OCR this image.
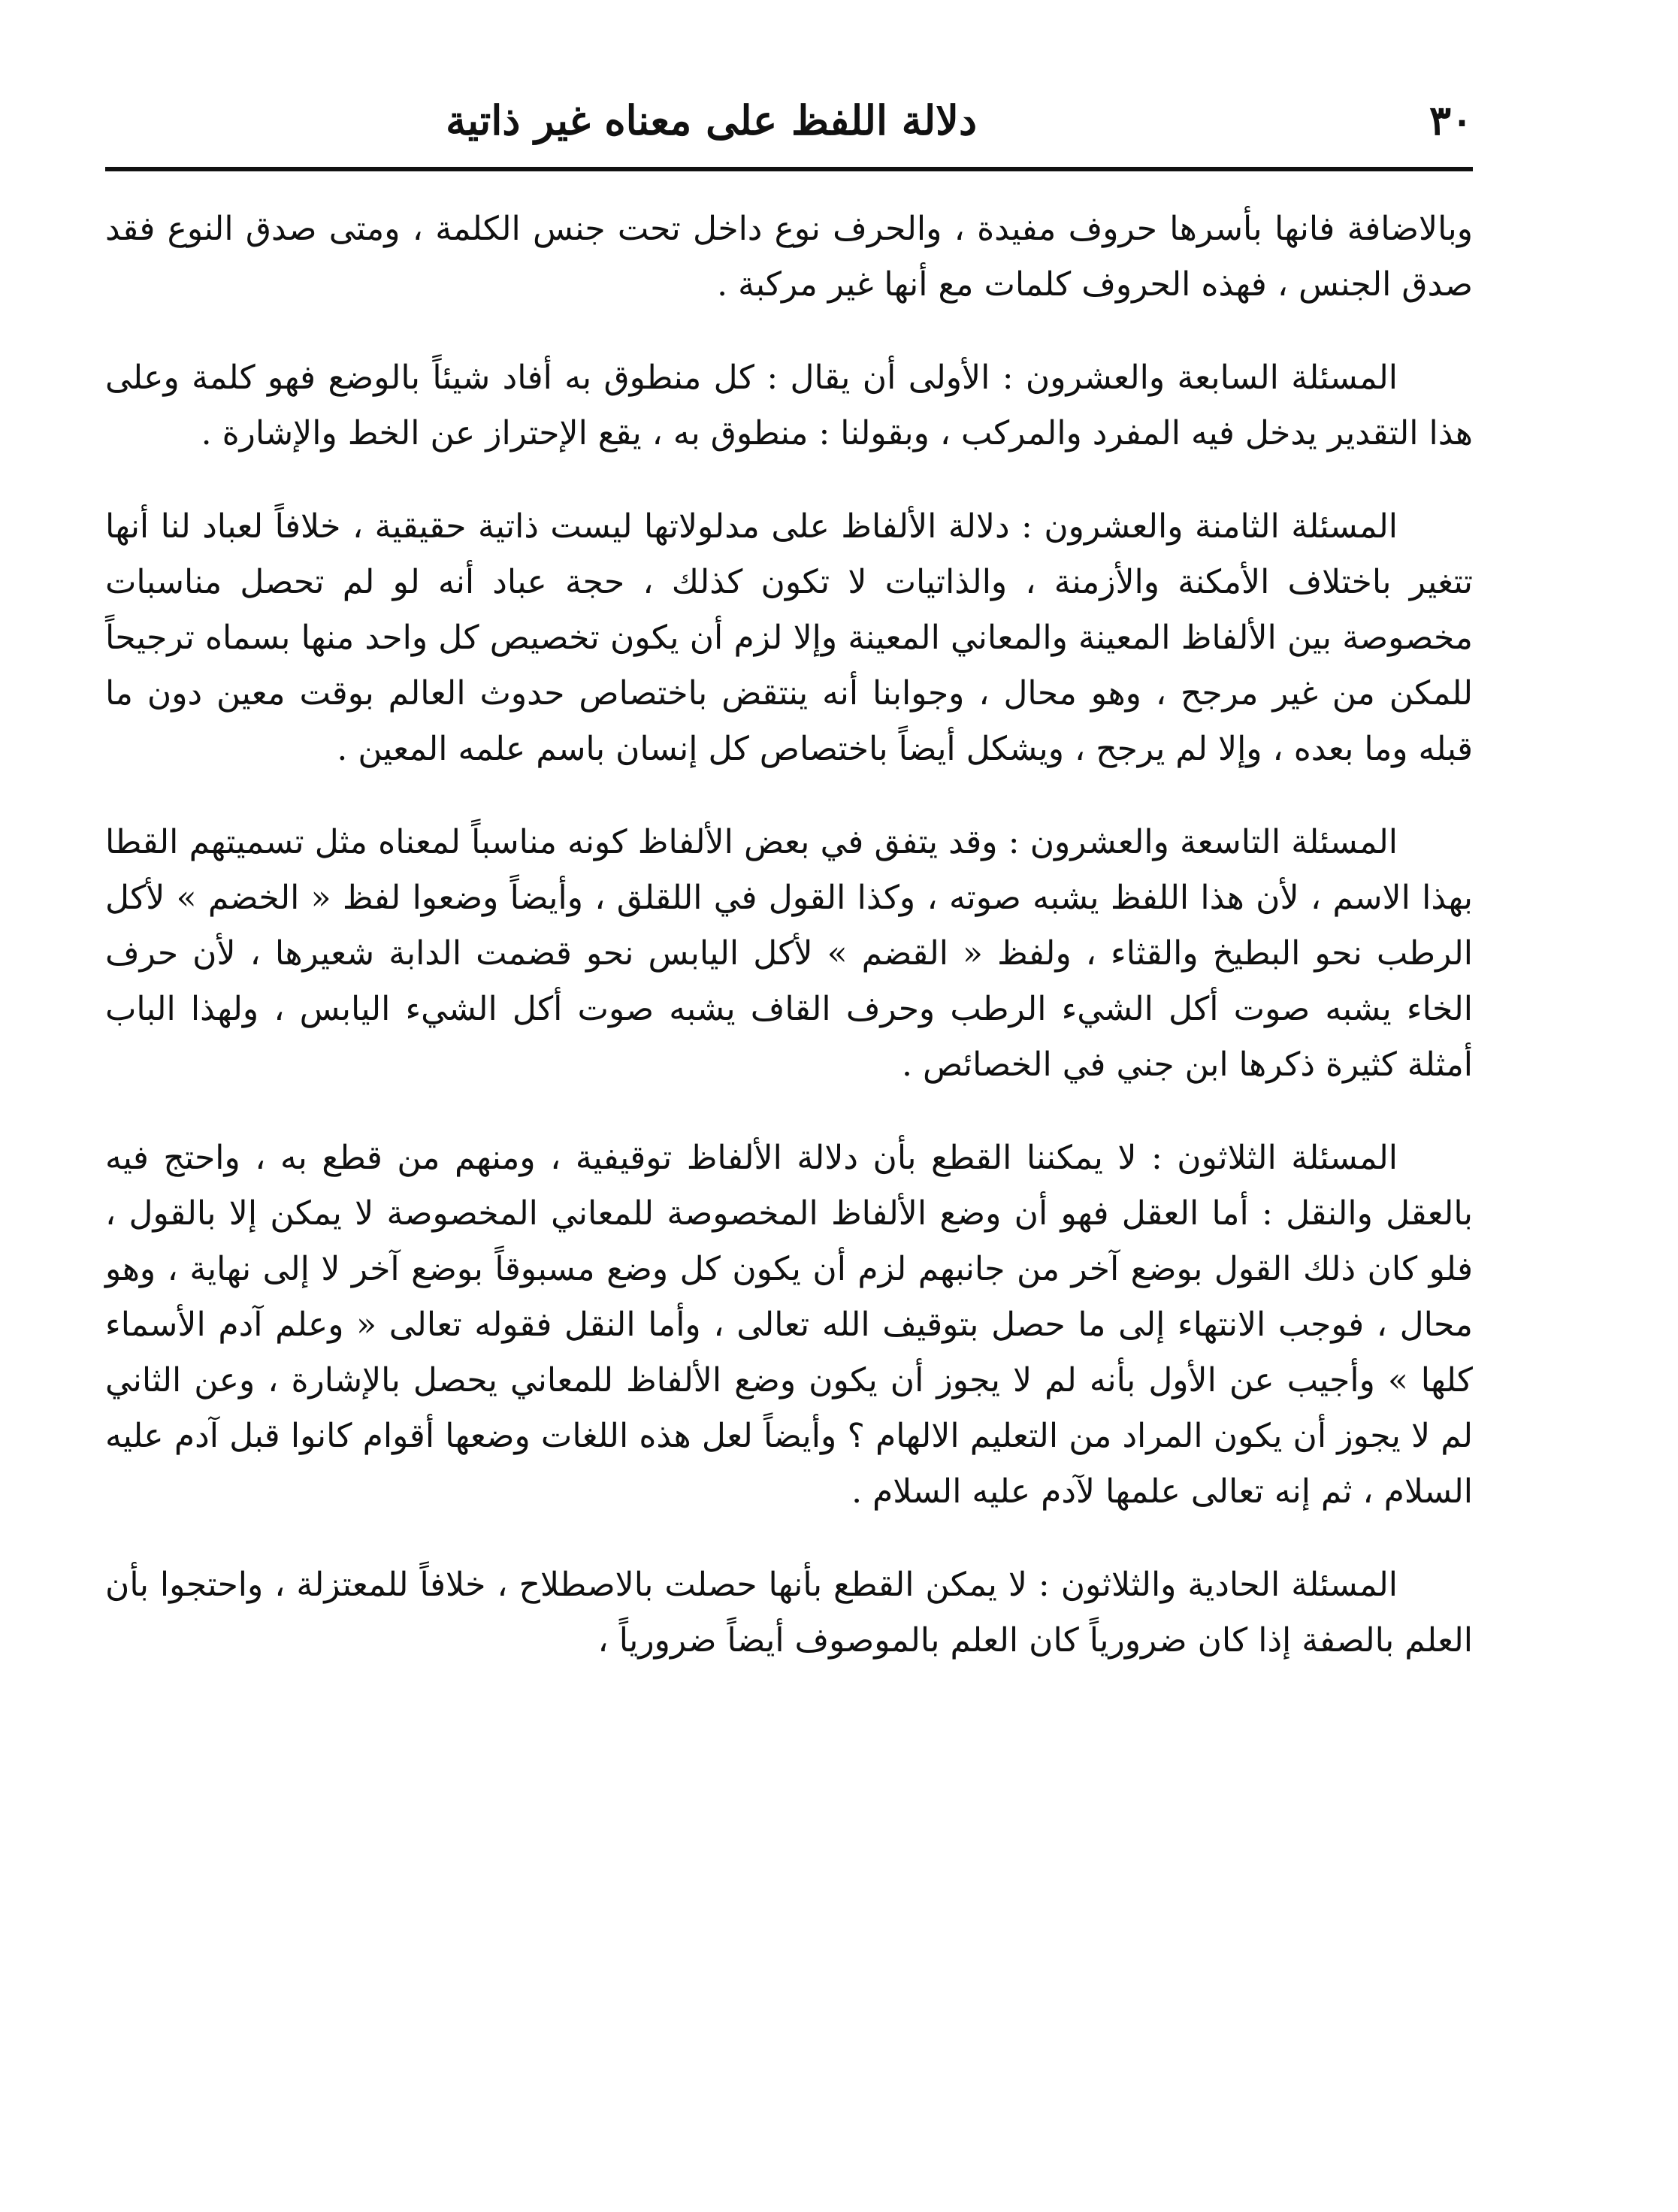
٣٠
دلالة اللفظ على معناه غير ذاتية

وبالاضافة فانها بأسرها حروف مفيدة ، والحرف نوع داخل تحت جنس الكلمة ، ومتى صدق النوع فقد صدق الجنس ، فهذه الحروف كلمات مع أنها غير مركبة .

المسئلة السابعة والعشرون : الأولى أن يقال : كل منطوق به أفاد شيئاً بالوضع فهو كلمة وعلى هذا التقدير يدخل فيه المفرد والمركب ، وبقولنا : منطوق به ، يقع الإحتراز عن الخط والإشارة .

المسئلة الثامنة والعشرون : دلالة الألفاظ على مدلولاتها ليست ذاتية حقيقية ، خلافاً لعباد لنا أنها تتغير باختلاف الأمكنة والأزمنة ، والذاتيات لا تكون كذلك ، حجة عباد أنه لو لم تحصل مناسبات مخصوصة بين الألفاظ المعينة والمعاني المعينة وإلا لزم أن يكون تخصيص كل واحد منها بسماه ترجيحاً للمكن من غير مرجح ، وهو محال ، وجوابنا أنه ينتقض باختصاص حدوث العالم بوقت معين دون ما قبله وما بعده ، وإلا لم يرجح ، ويشكل أيضاً باختصاص كل إنسان باسم علمه المعين .

المسئلة التاسعة والعشرون : وقد يتفق في بعض الألفاظ كونه مناسباً لمعناه مثل تسميتهم القطا بهذا الاسم ، لأن هذا اللفظ يشبه صوته ، وكذا القول في اللقلق ، وأيضاً وضعوا لفظ « الخضم » لأكل الرطب نحو البطيخ والقثاء ، ولفظ « القضم » لأكل اليابس نحو قضمت الدابة شعيرها ، لأن حرف الخاء يشبه صوت أكل الشيء الرطب وحرف القاف يشبه صوت أكل الشيء اليابس ، ولهذا الباب أمثلة كثيرة ذكرها ابن جني في الخصائص .

المسئلة الثلاثون : لا يمكننا القطع بأن دلالة الألفاظ توقيفية ، ومنهم من قطع به ، واحتج فيه بالعقل والنقل : أما العقل فهو أن وضع الألفاظ المخصوصة للمعاني المخصوصة لا يمكن إلا بالقول ، فلو كان ذلك القول بوضع آخر من جانبهم لزم أن يكون كل وضع مسبوقاً بوضع آخر لا إلى نهاية ، وهو محال ، فوجب الانتهاء إلى ما حصل بتوقيف الله تعالى ، وأما النقل فقوله تعالى « وعلم آدم الأسماء كلها » وأجيب عن الأول بأنه لم لا يجوز أن يكون وضع الألفاظ للمعاني يحصل بالإشارة ، وعن الثاني لم لا يجوز أن يكون المراد من التعليم الالهام ؟ وأيضاً لعل هذه اللغات وضعها أقوام كانوا قبل آدم عليه السلام ، ثم إنه تعالى علمها لآدم عليه السلام .

المسئلة الحادية والثلاثون : لا يمكن القطع بأنها حصلت بالاصطلاح ، خلافاً للمعتزلة ، واحتجوا بأن العلم بالصفة إذا كان ضرورياً كان العلم بالموصوف أيضاً ضرورياً ،
